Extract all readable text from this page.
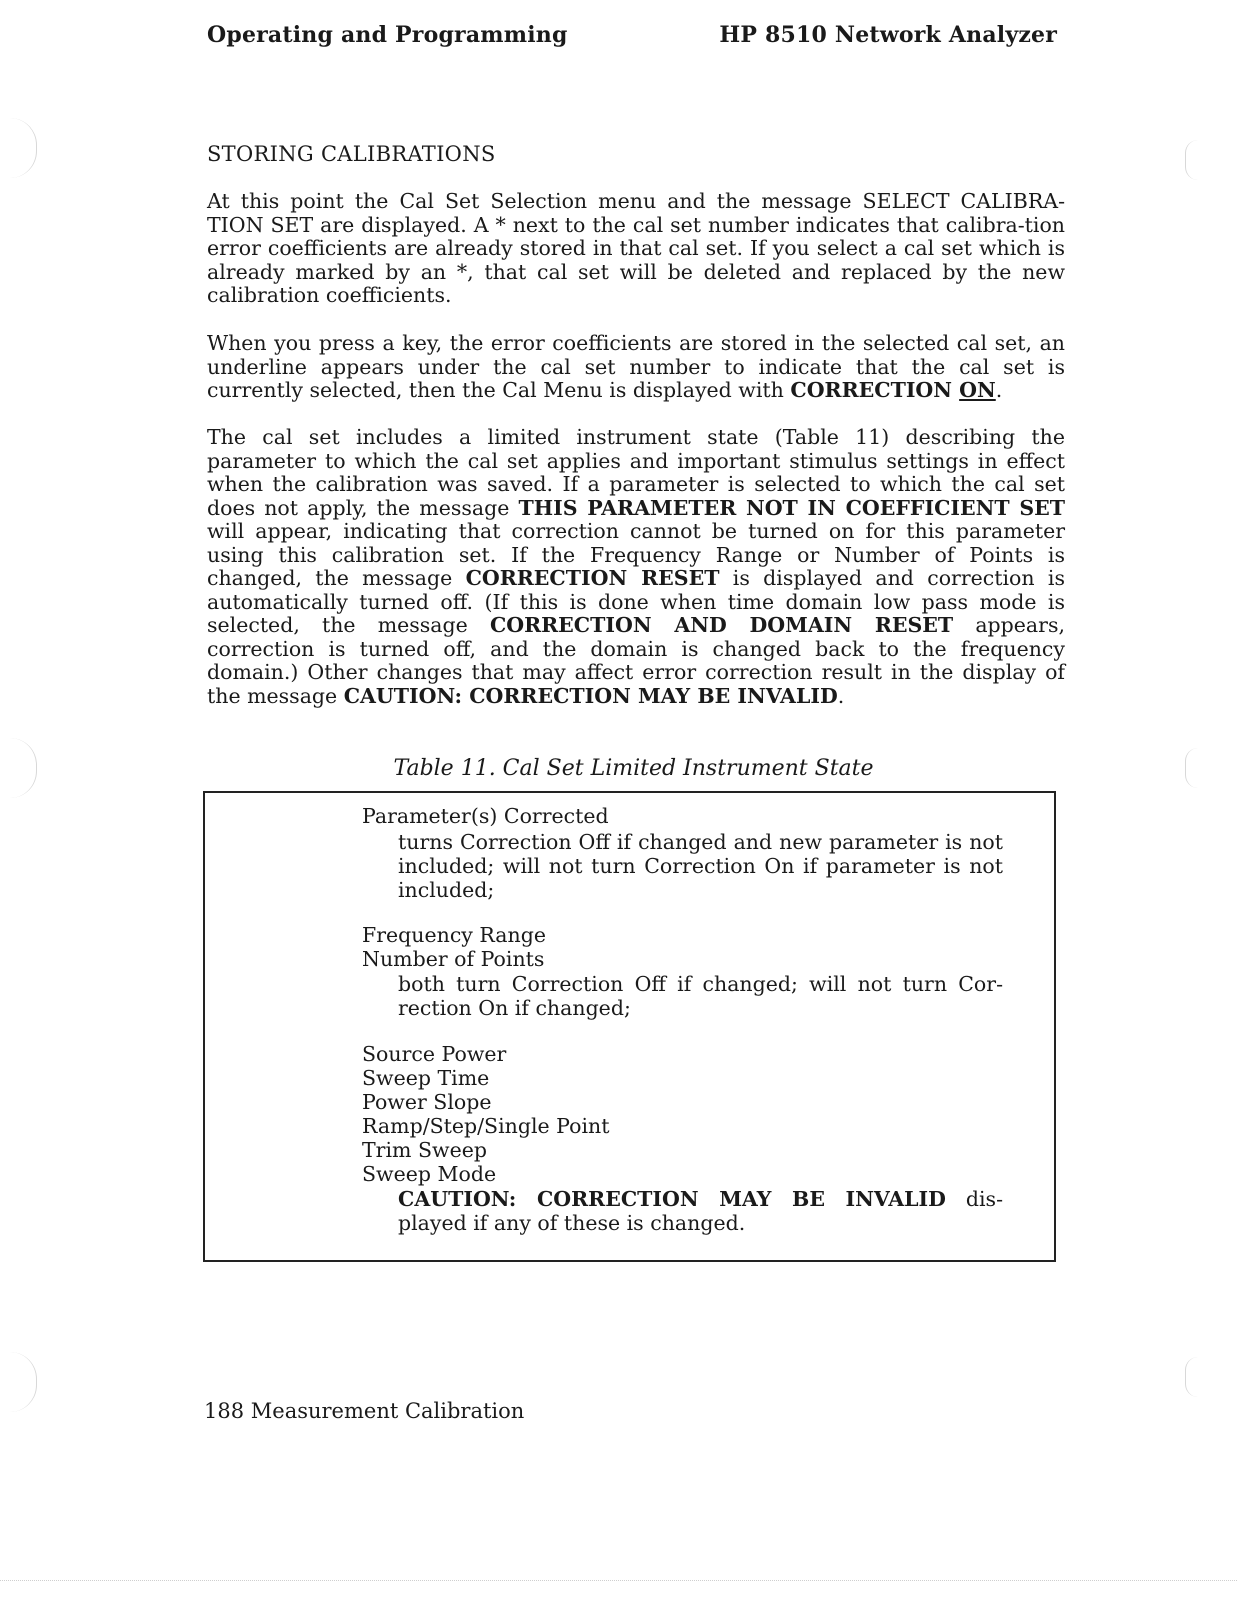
Operating and Programming	HP 8510 Network Analyzer
STORING CALIBRATIONS
At this point the Cal Set Selection menu and the message SELECT CALIBRA-TION SET are displayed. A * next to the cal set number indicates that calibra-tion error coefficients are already stored in that cal set. If you select a cal set which is already marked by an *, that cal set will be deleted and replaced by the new calibration coefficients.
When you press a key, the error coefficients are stored in the selected cal set, an underline appears under the cal set number to indicate that the cal set is currently selected, then the Cal Menu is displayed with CORRECTION ON.
The cal set includes a limited instrument state (Table 11) describing the parameter to which the cal set applies and important stimulus settings in effect when the calibration was saved. If a parameter is selected to which the cal set does not apply, the message THIS PARAMETER NOT IN COEFFICIENT SET will appear, indicating that correction cannot be turned on for this parameter using this calibration set. If the Frequency Range or Number of Points is changed, the message CORRECTION RESET is displayed and correction is automatically turned off. (If this is done when time domain low pass mode is selected, the message CORRECTION AND DOMAIN RESET appears, correction is turned off, and the domain is changed back to the frequency domain.) Other changes that may affect error correction result in the display of the message CAUTION: CORRECTION MAY BE INVALID.
Table 11. Cal Set Limited Instrument State
Parameter(s) Corrected
turns Correction Off if changed and new parameter is not included; will not turn Correction On if parameter is not included;
Frequency Range
Number of Points
both turn Correction Off if changed; will not turn Cor-rection On if changed;
Source Power
Sweep Time
Power Slope
Ramp/Step/Single Point
Trim Sweep
Sweep Mode
CAUTION: CORRECTION MAY BE INVALID dis-played if any of these is changed.
188 Measurement Calibration
